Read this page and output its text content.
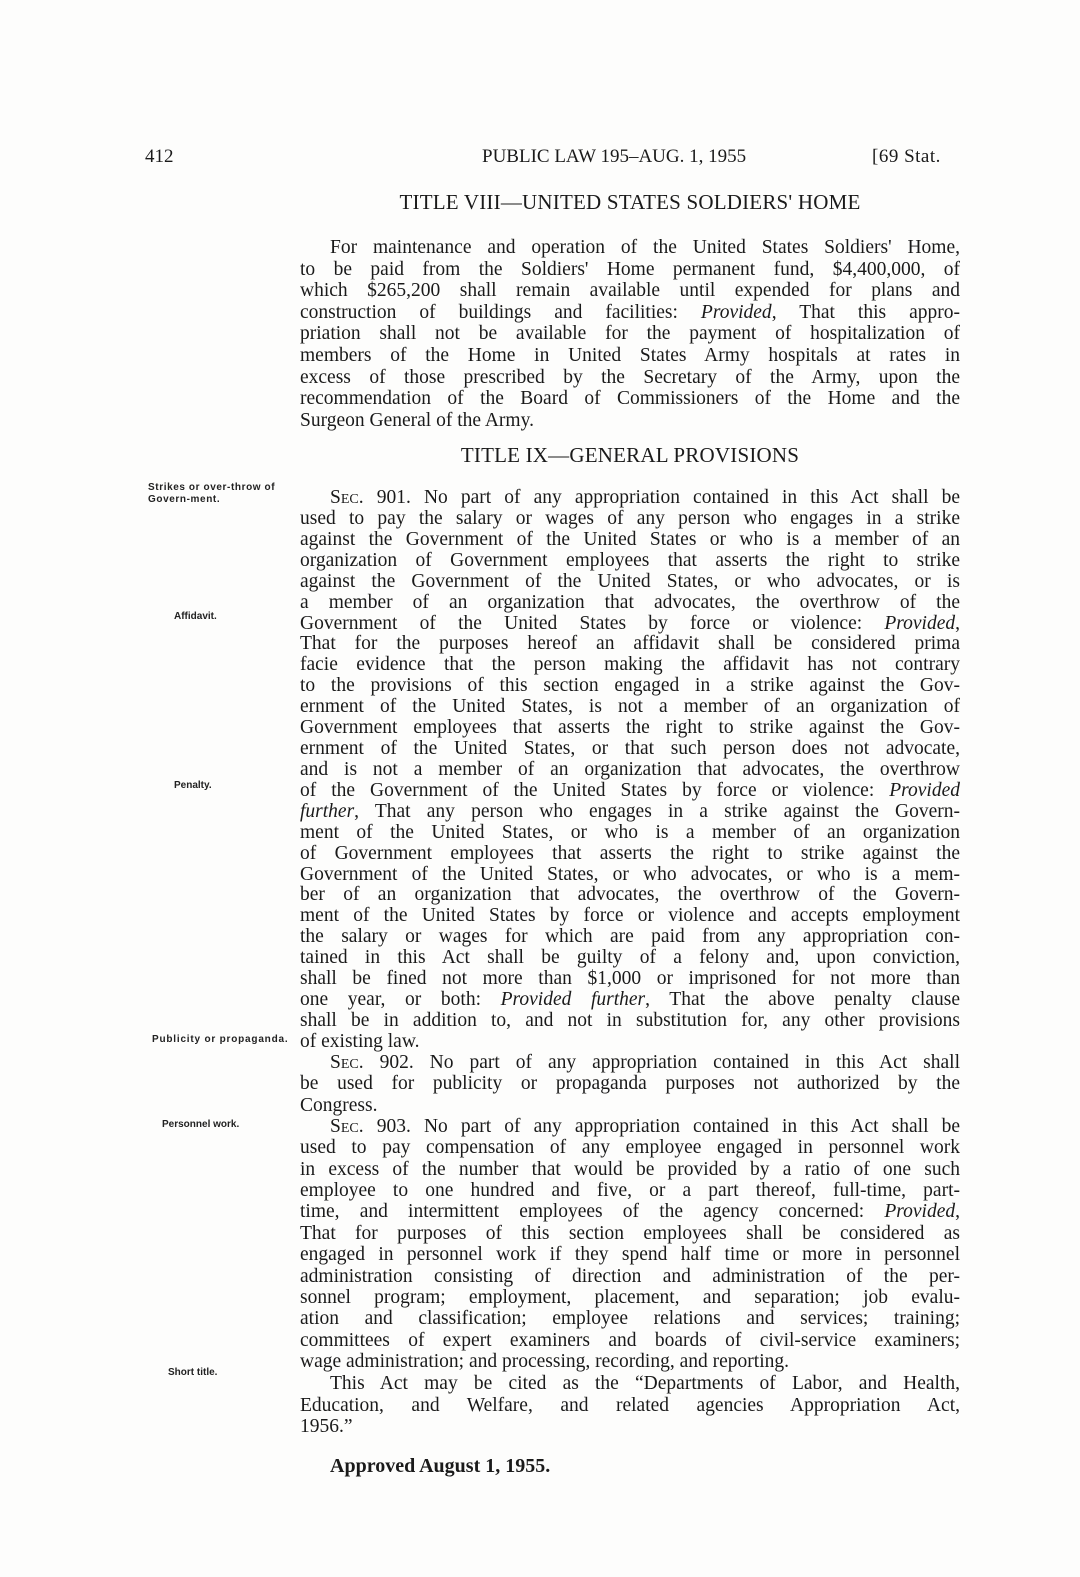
412	PUBLIC LAW 195–AUG. 1, 1955	[69 Stat.
TITLE VIII—UNITED STATES SOLDIERS' HOME
TITLE IX—GENERAL PROVISIONS
Strikes or over-throw of Govern-ment.
Affidavit.
Penalty.
Publicity or propaganda.
Personnel work.
Short title.
For maintenance and operation of the United States Soldiers' Home,
to be paid from the Soldiers' Home permanent fund, $4,400,000, of
which $265,200 shall remain available until expended for plans and
construction of buildings and facilities: Provided, That this appro-
priation shall not be available for the payment of hospitalization of
members of the Home in United States Army hospitals at rates in
excess of those prescribed by the Secretary of the Army, upon the
recommendation of the Board of Commissioners of the Home and the
Surgeon General of the Army.
Sec. 901. No part of any appropriation contained in this Act shall be
used to pay the salary or wages of any person who engages in a strike
against the Government of the United States or who is a member of an
organization of Government employees that asserts the right to strike
against the Government of the United States, or who advocates, or is
a member of an organization that advocates, the overthrow of the
Government of the United States by force or violence: Provided,
That for the purposes hereof an affidavit shall be considered prima
facie evidence that the person making the affidavit has not contrary
to the provisions of this section engaged in a strike against the Gov-
ernment of the United States, is not a member of an organization of
Government employees that asserts the right to strike against the Gov-
ernment of the United States, or that such person does not advocate,
and is not a member of an organization that advocates, the overthrow
of the Government of the United States by force or violence: Provided
further, That any person who engages in a strike against the Govern-
ment of the United States, or who is a member of an organization
of Government employees that asserts the right to strike against the
Government of the United States, or who advocates, or who is a mem-
ber of an organization that advocates, the overthrow of the Govern-
ment of the United States by force or violence and accepts employment
the salary or wages for which are paid from any appropriation con-
tained in this Act shall be guilty of a felony and, upon conviction,
shall be fined not more than $1,000 or imprisoned for not more than
one year, or both: Provided further, That the above penalty clause
shall be in addition to, and not in substitution for, any other provisions
of existing law.
Sec. 902. No part of any appropriation contained in this Act shall
be used for publicity or propaganda purposes not authorized by the
Congress.
Sec. 903. No part of any appropriation contained in this Act shall be
used to pay compensation of any employee engaged in personnel work
in excess of the number that would be provided by a ratio of one such
employee to one hundred and five, or a part thereof, full-time, part-
time, and intermittent employees of the agency concerned: Provided,
That for purposes of this section employees shall be considered as
engaged in personnel work if they spend half time or more in personnel
administration consisting of direction and administration of the per-
sonnel program; employment, placement, and separation; job evalu-
ation and classification; employee relations and services; training;
committees of expert examiners and boards of civil-service examiners;
wage administration; and processing, recording, and reporting.
This Act may be cited as the “Departments of Labor, and Health,
Education, and Welfare, and related agencies Appropriation Act,
1956.”
Approved August 1, 1955.
